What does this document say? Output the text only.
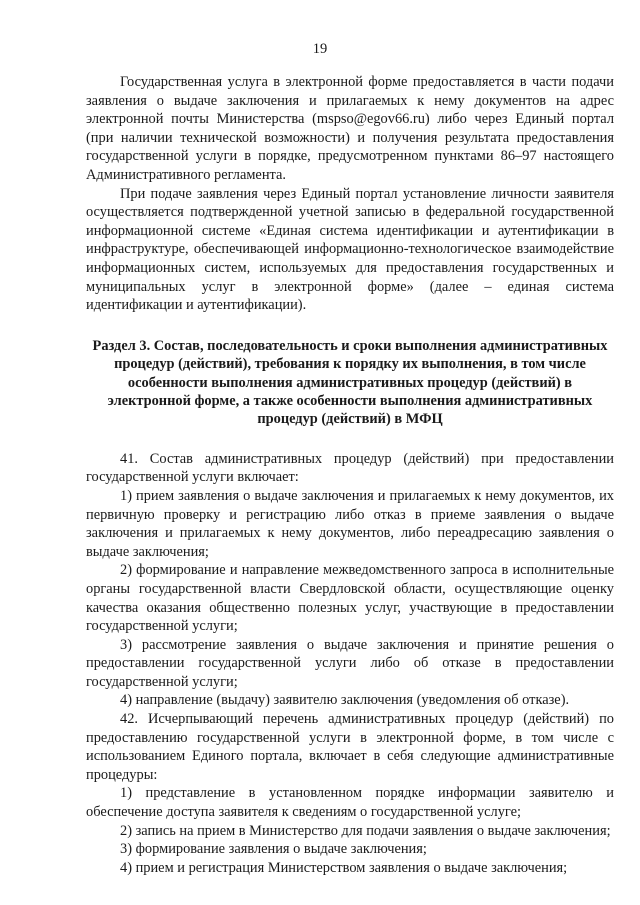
19

Государственная услуга в электронной форме предоставляется в части подачи заявления о выдаче заключения и прилагаемых к нему документов на адрес электронной почты Министерства (mspso@egov66.ru) либо через Единый портал (при наличии технической возможности) и получения результата предоставления государственной услуги в порядке, предусмотренном пунктами 86–97 настоящего Административного регламента.

При подаче заявления через Единый портал установление личности заявителя осуществляется подтвержденной учетной записью в федеральной государственной информационной системе «Единая система идентификации и аутентификации в инфраструктуре, обеспечивающей информационно-технологическое взаимодействие информационных систем, используемых для предоставления государственных и муниципальных услуг в электронной форме» (далее – единая система идентификации и аутентификации).

Раздел 3. Состав, последовательность и сроки выполнения административных процедур (действий), требования к порядку их выполнения, в том числе особенности выполнения административных процедур (действий) в электронной форме, а также особенности выполнения административных процедур (действий) в МФЦ

41. Состав административных процедур (действий) при предоставлении государственной услуги включает:

1) прием заявления о выдаче заключения и прилагаемых к нему документов, их первичную проверку и регистрацию либо отказ в приеме заявления о выдаче заключения и прилагаемых к нему документов, либо переадресацию заявления о выдаче заключения;

2) формирование и направление межведомственного запроса в исполнительные органы государственной власти Свердловской области, осуществляющие оценку качества оказания общественно полезных услуг, участвующие в предоставлении государственной услуги;

3) рассмотрение заявления о выдаче заключения и принятие решения о предоставлении государственной услуги либо об отказе в предоставлении государственной услуги;

4) направление (выдачу) заявителю заключения (уведомления об отказе).

42. Исчерпывающий перечень административных процедур (действий) по предоставлению государственной услуги в электронной форме, в том числе с использованием Единого портала, включает в себя следующие административные процедуры:

1) представление в установленном порядке информации заявителю и обеспечение доступа заявителя к сведениям о государственной услуге;

2) запись на прием в Министерство для подачи заявления о выдаче заключения;

3) формирование заявления о выдаче заключения;

4) прием и регистрация Министерством заявления о выдаче заключения;
